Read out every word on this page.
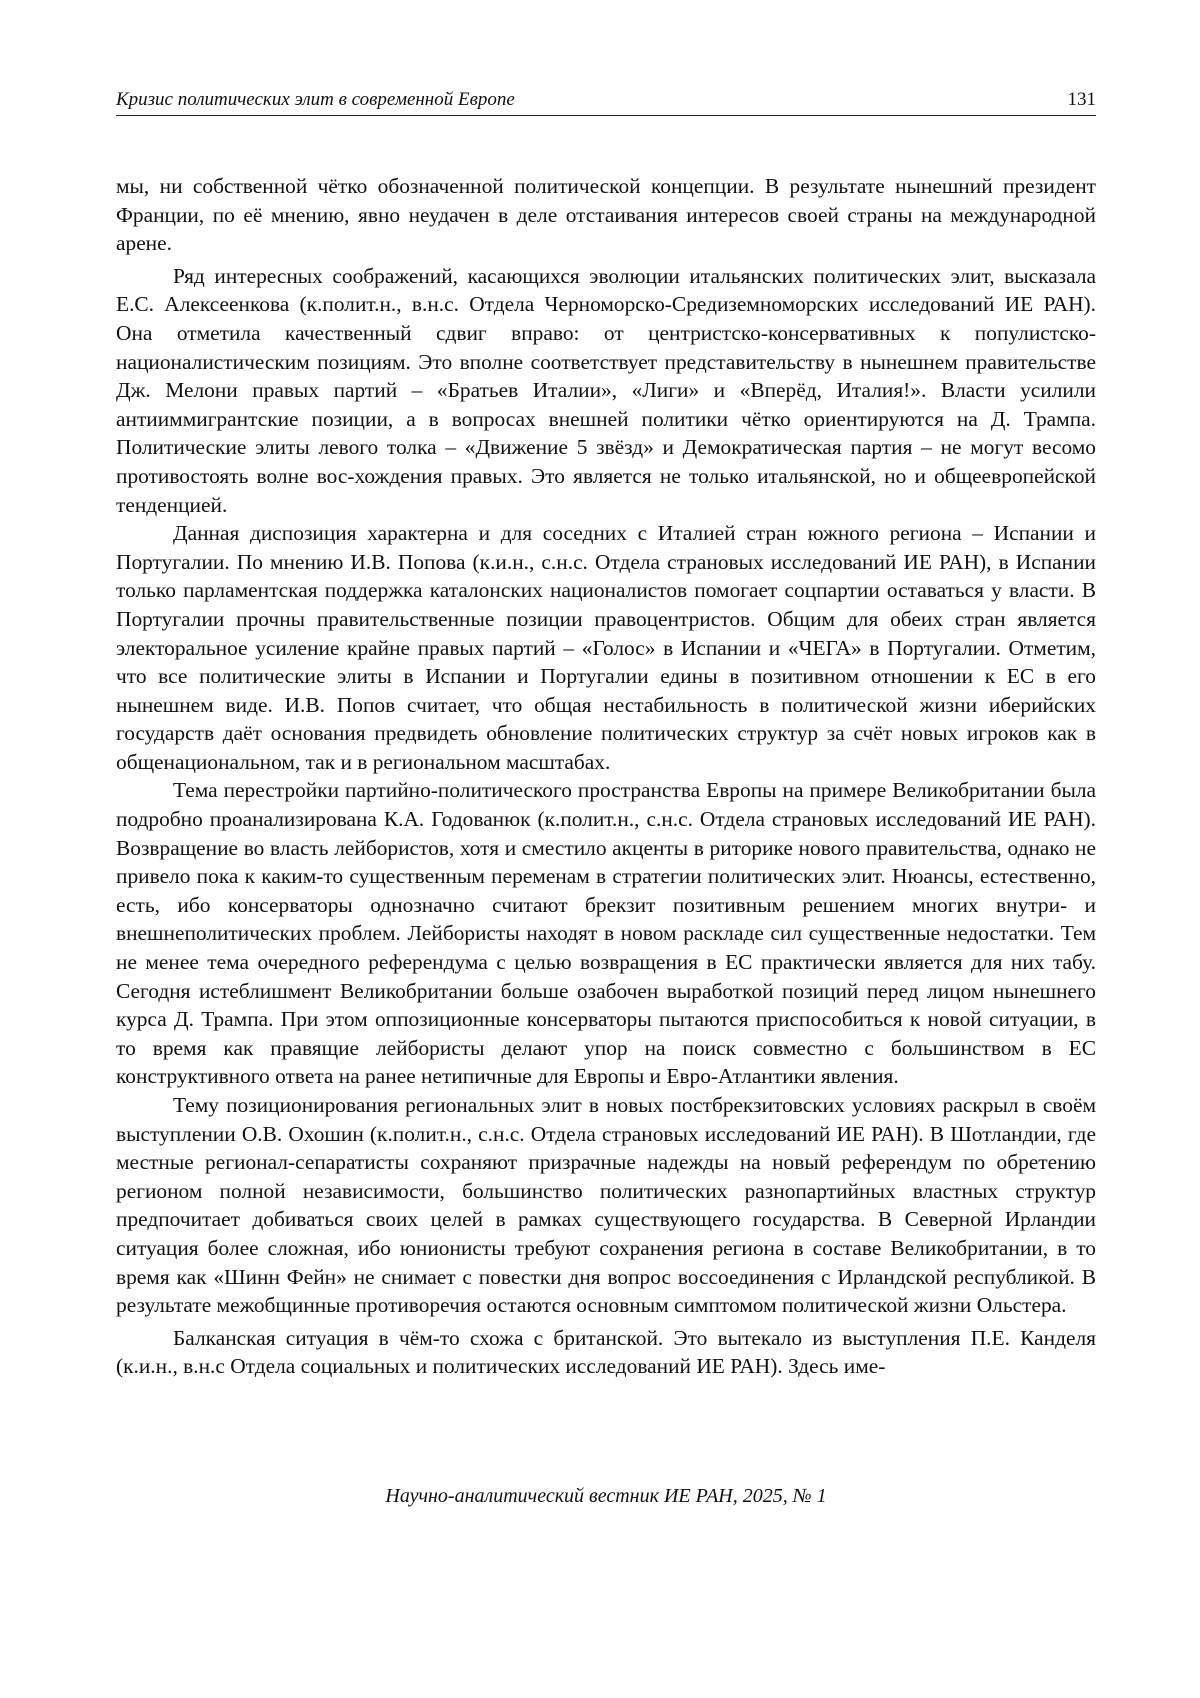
Кризис политических элит в современной Европе	131

мы, ни собственной чётко обозначенной политической концепции. В результате нынешний президент Франции, по её мнению, явно неудачен в деле отстаивания интересов своей страны на международной арене.

Ряд интересных соображений, касающихся эволюции итальянских политических элит, высказала Е.С. Алексеенкова (к.полит.н., в.н.с. Отдела Черноморско-Средиземноморских исследований ИЕ РАН). Она отметила качественный сдвиг вправо: от центристско-консервативных к популистско-националистическим позициям. Это вполне соответствует представительству в нынешнем правительстве Дж. Мелони правых партий – «Братьев Италии», «Лиги» и «Вперёд, Италия!». Власти усилили антииммигрантские позиции, а в вопросах внешней политики чётко ориентируются на Д. Трампа. Политические элиты левого толка – «Движение 5 звёзд» и Демократическая партия – не могут весомо противостоять волне вос-хождения правых. Это является не только итальянской, но и общеевропейской тенденцией.

Данная диспозиция характерна и для соседних с Италией стран южного региона – Испании и Португалии. По мнению И.В. Попова (к.и.н., с.н.с. Отдела страновых исследований ИЕ РАН), в Испании только парламентская поддержка каталонских националистов помогает соцпартии оставаться у власти. В Португалии прочны правительственные позиции правоцентристов. Общим для обеих стран является электоральное усиление крайне правых партий – «Голос» в Испании и «ЧЕГА» в Португалии. Отметим, что все политические элиты в Испании и Португалии едины в позитивном отношении к ЕС в его нынешнем виде. И.В. Попов считает, что общая нестабильность в политической жизни иберийских государств даёт основания предвидеть обновление политических структур за счёт новых игроков как в общенациональном, так и в региональном масштабах.

Тема перестройки партийно-политического пространства Европы на примере Великобритании была подробно проанализирована К.А. Годованюк (к.полит.н., с.н.с. Отдела страновых исследований ИЕ РАН). Возвращение во власть лейбористов, хотя и сместило акценты в риторике нового правительства, однако не привело пока к каким-то существенным переменам в стратегии политических элит. Нюансы, естественно, есть, ибо консерваторы однозначно считают брекзит позитивным решением многих внутри- и внешнеполитических проблем. Лейбористы находят в новом раскладе сил существенные недостатки. Тем не менее тема очередного референдума с целью возвращения в ЕС практически является для них табу. Сегодня истеблишмент Великобритании больше озабочен выработкой позиций перед лицом нынешнего курса Д. Трампа. При этом оппозиционные консерваторы пытаются приспособиться к новой ситуации, в то время как правящие лейбористы делают упор на поиск совместно с большинством в ЕС конструктивного ответа на ранее нетипичные для Европы и Евро-Атлантики явления.

Тему позиционирования региональных элит в новых постбрекзитовских условиях раскрыл в своём выступлении О.В. Охошин (к.полит.н., с.н.с. Отдела страновых исследований ИЕ РАН). В Шотландии, где местные регионал-сепаратисты сохраняют призрачные надежды на новый референдум по обретению регионом полной независимости, большинство политических разнопартийных властных структур предпочитает добиваться своих целей в рамках существующего государства. В Северной Ирландии ситуация более сложная, ибо юнионисты требуют сохранения региона в составе Великобритании, в то время как «Шинн Фейн» не снимает с повестки дня вопрос воссоединения с Ирландской республикой. В результате межобщинные противоречия остаются основным симптомом политической жизни Ольстера.

Балканская ситуация в чём-то схожа с британской. Это вытекало из выступления П.Е. Канделя (к.и.н., в.н.с Отдела социальных и политических исследований ИЕ РАН). Здесь име-

Научно-аналитический вестник ИЕ РАН, 2025, № 1
